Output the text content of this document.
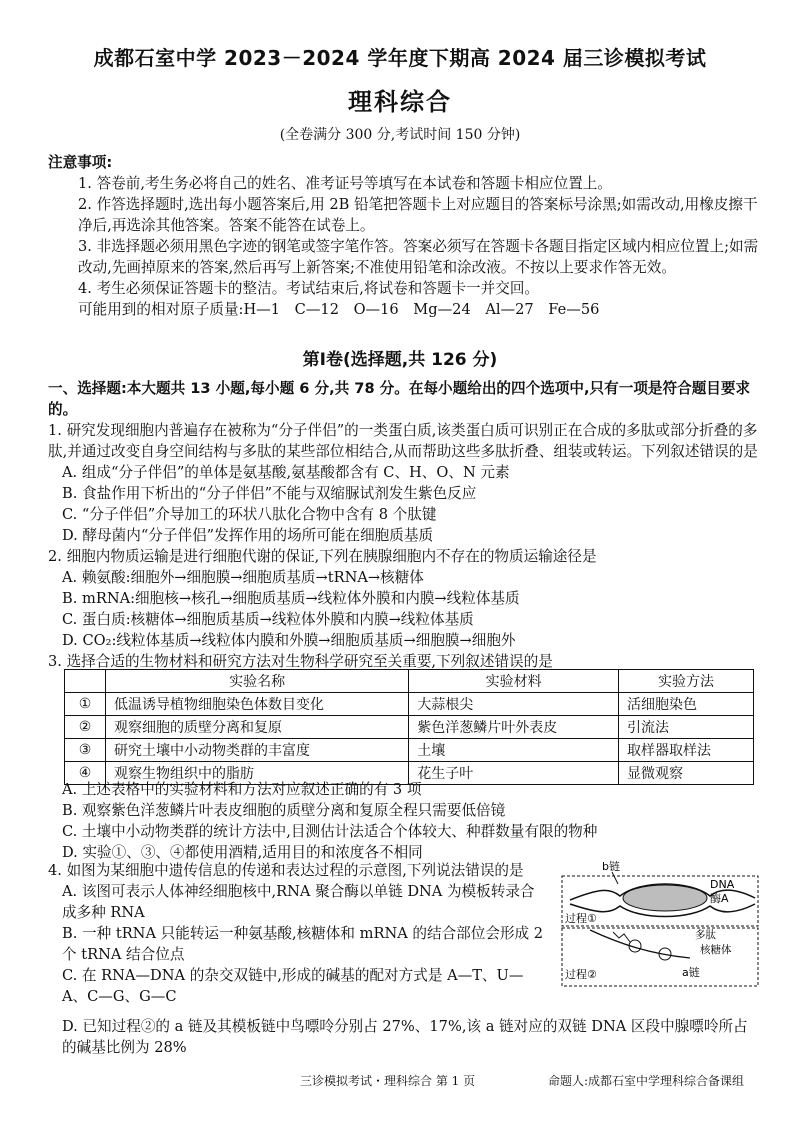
成都石室中学 2023－2024 学年度下期高 2024 届三诊模拟考试
理科综合
(全卷满分 300 分,考试时间 150 分钟)

注意事项:

1. 答卷前,考生务必将自己的姓名、准考证号等填写在本试卷和答题卡相应位置上。

2. 作答选择题时,选出每小题答案后,用 2B 铅笔把答题卡上对应题目的答案标号涂黑;如需改动,用橡皮擦干净后,再选涂其他答案。答案不能答在试卷上。

3. 非选择题必须用黑色字迹的钢笔或签字笔作答。答案必须写在答题卡各题目指定区域内相应位置上;如需改动,先画掉原来的答案,然后再写上新答案;不准使用铅笔和涂改液。不按以上要求作答无效。

4. 考生必须保证答题卡的整洁。考试结束后,将试卷和答题卡一并交回。

可能用到的相对原子质量:H—1　C—12　O—16　Mg—24　Al—27　Fe—56

第Ⅰ卷(选择题,共 126 分)
一、选择题:本大题共 13 小题,每小题 6 分,共 78 分。在每小题给出的四个选项中,只有一项是符合题目要求的。
1. 研究发现细胞内普遍存在被称为“分子伴侣”的一类蛋白质,该类蛋白质可识别正在合成的多肽或部分折叠的多肽,并通过改变自身空间结构与多肽的某些部位相结合,从而帮助这些多肽折叠、组装或转运。下列叙述错误的是
A. 组成“分子伴侣”的单体是氨基酸,氨基酸都含有 C、H、O、N 元素
B. 食盐作用下析出的“分子伴侣”不能与双缩脲试剂发生紫色反应
C. “分子伴侣”介导加工的环状八肽化合物中含有 8 个肽键
D. 酵母菌内“分子伴侣”发挥作用的场所可能在细胞质基质
2. 细胞内物质运输是进行细胞代谢的保证,下列在胰腺细胞内不存在的物质运输途径是
A. 赖氨酸:细胞外→细胞膜→细胞质基质→tRNA→核糖体
B. mRNA:细胞核→核孔→细胞质基质→线粒体外膜和内膜→线粒体基质
C. 蛋白质:核糖体→细胞质基质→线粒体外膜和内膜→线粒体基质
D. CO₂:线粒体基质→线粒体内膜和外膜→细胞质基质→细胞膜→细胞外
3. 选择合适的生物材料和研究方法对生物科学研究至关重要,下列叙述错误的是
	实验名称	实验材料	实验方法
①	低温诱导植物细胞染色体数目变化	大蒜根尖	活细胞染色
②	观察细胞的质壁分离和复原	紫色洋葱鳞片叶外表皮	引流法
③	研究土壤中小动物类群的丰富度	土壤	取样器取样法
④	观察生物组织中的脂肪	花生子叶	显微观察
A. 上述表格中的实验材料和方法对应叙述正确的有 3 项
B. 观察紫色洋葱鳞片叶表皮细胞的质壁分离和复原全程只需要低倍镜
C. 土壤中小动物类群的统计方法中,目测估计法适合个体较大、种群数量有限的物种
D. 实验①、③、④都使用酒精,适用目的和浓度各不相同
4. 如图为某细胞中遗传信息的传递和表达过程的示意图,下列说法错误的是
A. 该图可表示人体神经细胞核中,RNA 聚合酶以单链 DNA 为模板转录合成多种 RNA
B. 一种 tRNA 只能转运一种氨基酸,核糖体和 mRNA 的结合部位会形成 2 个 tRNA 结合位点
C. 在 RNA—DNA 的杂交双链中,形成的碱基的配对方式是 A—T、U—A、C—G、G—C
D. 已知过程②的 a 链及其模板链中鸟嘌呤分别占 27%、17%,该 a 链对应的双链 DNA 区段中腺嘌呤所占的碱基比例为 28%
b链
DNA
酶A
过程①
多肽
核糖体
过程②	a链
三诊模拟考试・理科综合 第 1 页	命题人:成都石室中学理科综合备课组
